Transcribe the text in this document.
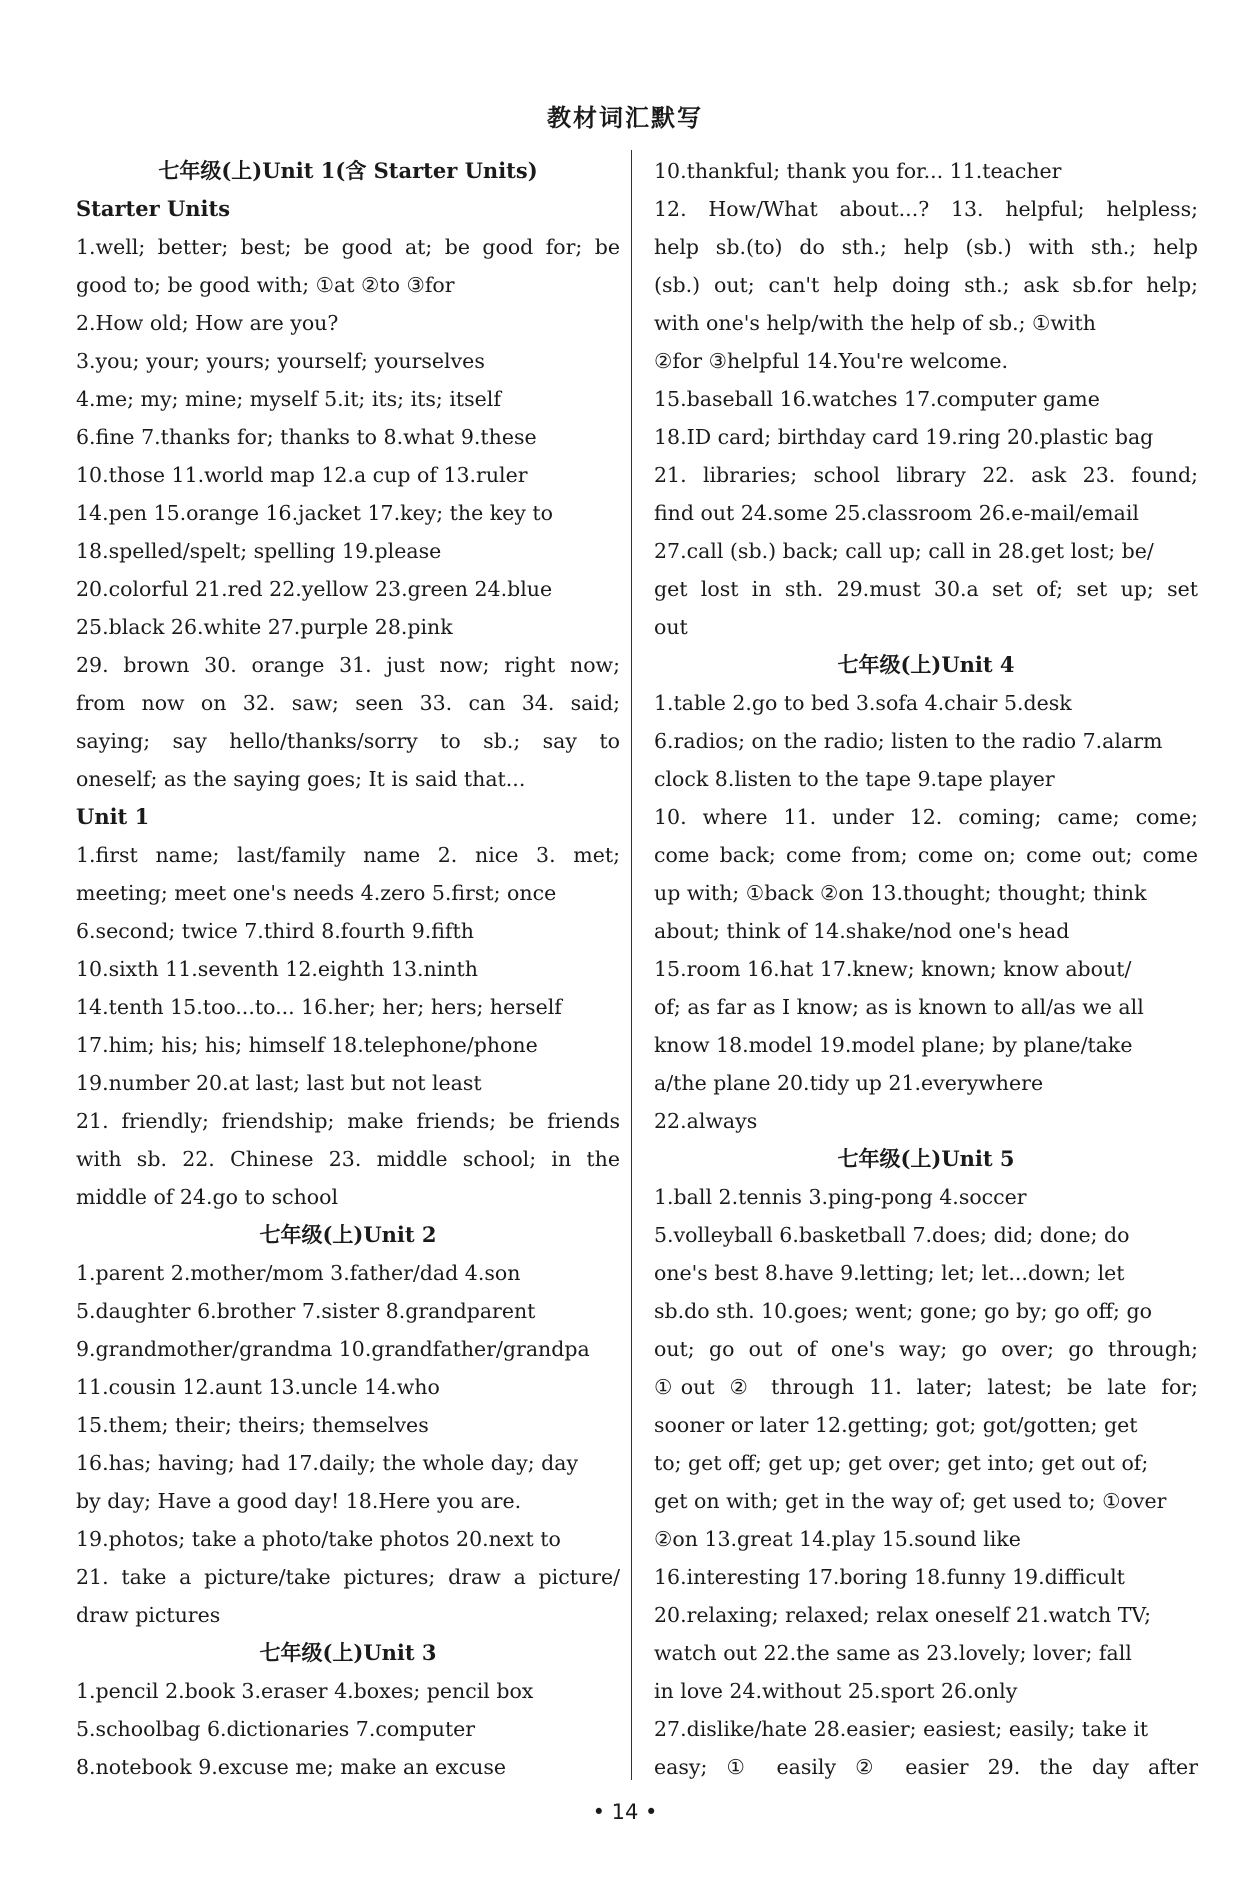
教材词汇默写
七年级(上)Unit 1(含 Starter Units)
Starter Units
1.well; better; best; be good at; be good for; be
good to; be good with; ①at ②to ③for
2.How old; How are you?
3.you; your; yours; yourself; yourselves
4.me; my; mine; myself 5.it; its; its; itself
6.fine 7.thanks for; thanks to 8.what 9.these
10.those 11.world map 12.a cup of 13.ruler
14.pen 15.orange 16.jacket 17.key; the key to
18.spelled/spelt; spelling 19.please
20.colorful 21.red 22.yellow 23.green 24.blue
25.black 26.white 27.purple 28.pink
29. brown 30. orange 31. just now; right now;
from now on 32. saw; seen 33. can 34. said;
saying; say hello/thanks/sorry to sb.; say to
oneself; as the saying goes; It is said that...
Unit 1
1.first name; last/family name 2. nice 3. met;
meeting; meet one's needs 4.zero 5.first; once
6.second; twice 7.third 8.fourth 9.fifth
10.sixth 11.seventh 12.eighth 13.ninth
14.tenth 15.too...to... 16.her; her; hers; herself
17.him; his; his; himself 18.telephone/phone
19.number 20.at last; last but not least
21. friendly; friendship; make friends; be friends
with sb. 22. Chinese 23. middle school; in the
middle of 24.go to school
七年级(上)Unit 2
1.parent 2.mother/mom 3.father/dad 4.son
5.daughter 6.brother 7.sister 8.grandparent
9.grandmother/grandma 10.grandfather/grandpa
11.cousin 12.aunt 13.uncle 14.who
15.them; their; theirs; themselves
16.has; having; had 17.daily; the whole day; day
by day; Have a good day! 18.Here you are.
19.photos; take a photo/take photos 20.next to
21. take a picture/take pictures; draw a picture/
draw pictures
七年级(上)Unit 3
1.pencil 2.book 3.eraser 4.boxes; pencil box
5.schoolbag 6.dictionaries 7.computer
8.notebook 9.excuse me; make an excuse
10.thankful; thank you for... 11.teacher
12. How/What about...? 13. helpful; helpless;
help sb.(to) do sth.; help (sb.) with sth.; help
(sb.) out; can't help doing sth.; ask sb.for help;
with one's help/with the help of sb.; ①with
②for ③helpful 14.You're welcome.
15.baseball 16.watches 17.computer game
18.ID card; birthday card 19.ring 20.plastic bag
21. libraries; school library 22. ask 23. found;
find out 24.some 25.classroom 26.e-mail/email
27.call (sb.) back; call up; call in 28.get lost; be/
get lost in sth. 29.must 30.a set of; set up; set
out
七年级(上)Unit 4
1.table 2.go to bed 3.sofa 4.chair 5.desk
6.radios; on the radio; listen to the radio 7.alarm
clock 8.listen to the tape 9.tape player
10. where 11. under 12. coming; came; come;
come back; come from; come on; come out; come
up with; ①back ②on 13.thought; thought; think
about; think of 14.shake/nod one's head
15.room 16.hat 17.knew; known; know about/
of; as far as I know; as is known to all/as we all
know 18.model 19.model plane; by plane/take
a/the plane 20.tidy up 21.everywhere
22.always
七年级(上)Unit 5
1.ball 2.tennis 3.ping-pong 4.soccer
5.volleyball 6.basketball 7.does; did; done; do
one's best 8.have 9.letting; let; let...down; let
sb.do sth. 10.goes; went; gone; go by; go off; go
out; go out of one's way; go over; go through;
①out ② through 11. later; latest; be late for;
sooner or later 12.getting; got; got/gotten; get
to; get off; get up; get over; get into; get out of;
get on with; get in the way of; get used to; ①over
②on 13.great 14.play 15.sound like
16.interesting 17.boring 18.funny 19.difficult
20.relaxing; relaxed; relax oneself 21.watch TV;
watch out 22.the same as 23.lovely; lover; fall
in love 24.without 25.sport 26.only
27.dislike/hate 28.easier; easiest; easily; take it
easy; ① easily ② easier 29. the day after
• 14 •
